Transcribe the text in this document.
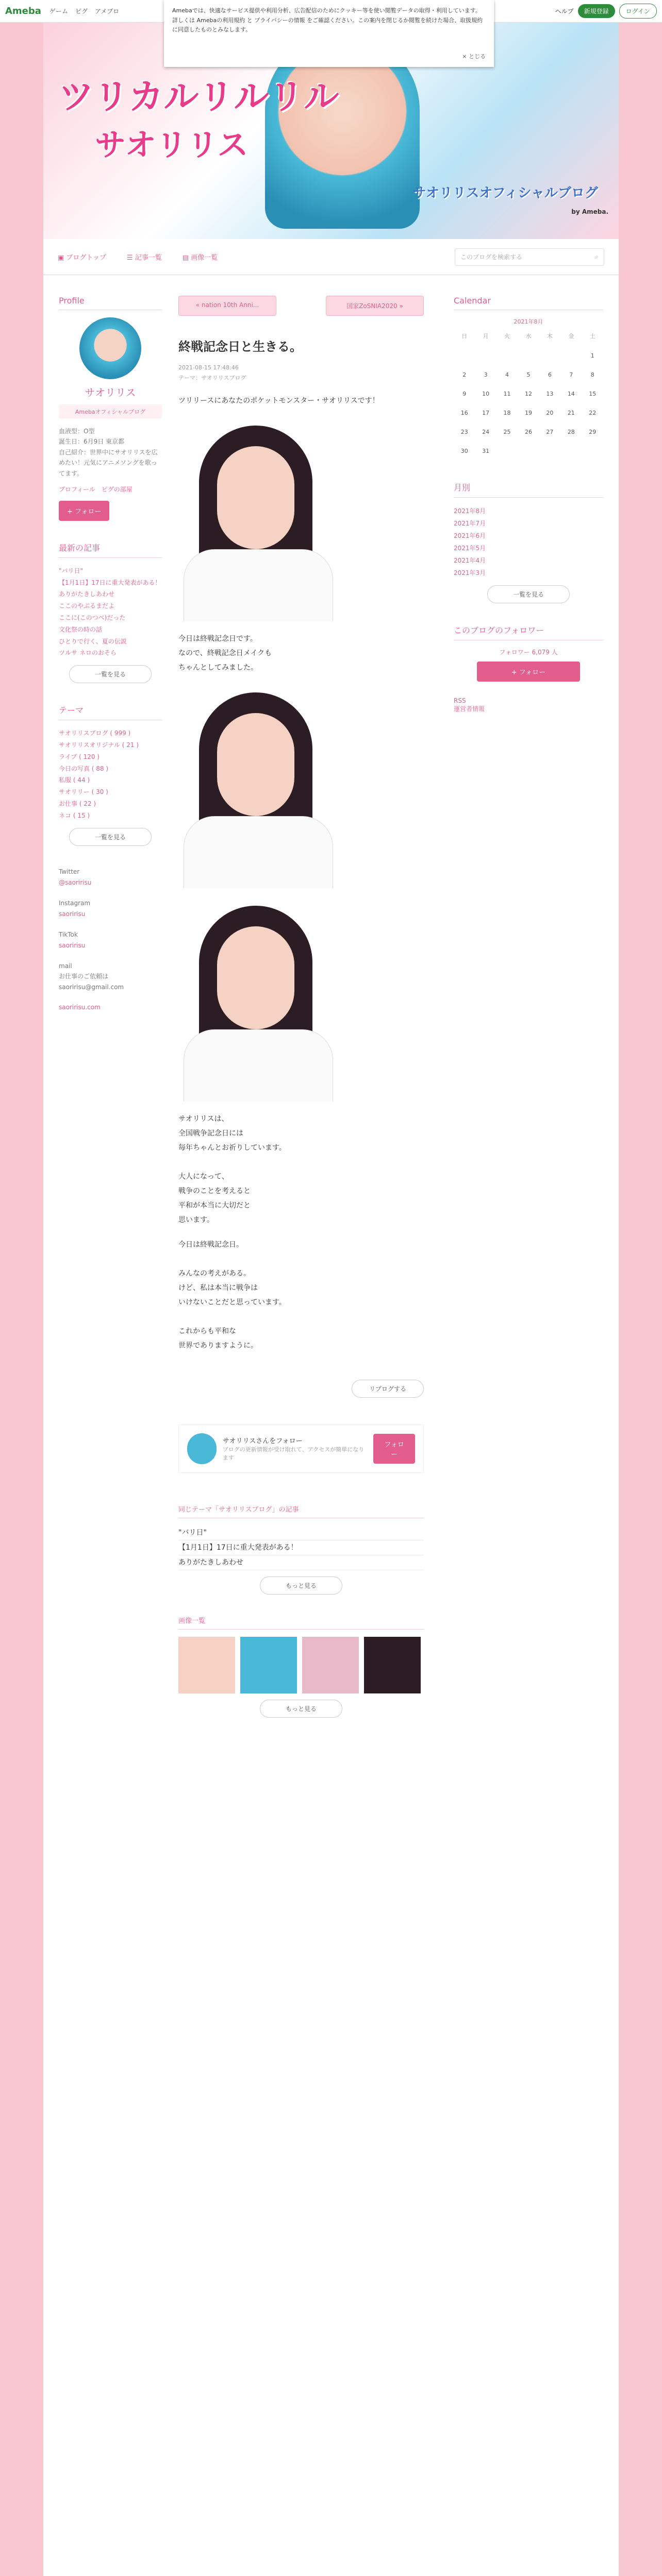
Ameba ゲーム ピグ アメブロ	ヘルプ	新規登録	ログイン

Amebaでは、快適なサービス提供や利用分析、広告配信のためにクッキー等を使い閲覧データの取得・利用しています。詳しくは Amebaの利用規約 と プライバシーの情報 をご確認ください。この案内を閉じるか閲覧を続けた場合、取扱規約に同意したものとみなします。

× とじる
ツリカルリルリル
サオリリス
サオリリスオフィシャルブログ
by Ameba.
▣ ブログトップ	☰ 記事一覧	▤ 画像一覧	このブログを検索する	⌕
Profile
サオリリス
Amebaオフィシャルブログ

血液型：O型
誕生日：6月9日 東京都
自己紹介：世界中にサオリリスを広めたい！元気にアニメソングを歌ってます。

プロフィール　ピグの部屋

+ フォロー
最新の記事

"バリ日"

【1月1日】17日に重大発表がある！

ありがたきしあわせ

ここのやぶるまだよ

ここに(このつべ)だった

文化祭の時の話

ひとりで行く、夏の伝説

ツルサ ネロのおそら

一覧を見る
テーマ

サオリリスブログ ( 999 )

サオリリスオリジナル ( 21 )

ライブ ( 120 )

今日の写真 ( 88 )

私服 ( 44 )

サオリリー ( 30 )

お仕事 ( 22 )

ネコ ( 15 )

一覧を見る

Twitter

@saoririsu

Instagram

saoririsu

TikTok

saoririsu

mail

お仕事のご依頼は
saoririsu@gmail.com

saoririsu.com

« nation 10th Anni...	国家ZoSNIA2020 »
終戦記念日と生きる。

2021-08-15 17:48:46

テーマ：サオリリスブログ

ツリリースにあなたのポケットモンスター・サオリリスです！

今日は終戦記念日です。
なので、終戦記念日メイクも
ちゃんとしてみました。

サオリリスは、
全国戦争記念日には
毎年ちゃんとお祈りしています。

大人になって、
戦争のことを考えると
平和が本当に大切だと
思います。

今日は終戦記念日。

みんなの考えがある。
けど、私は本当に戦争は
いけないことだと思っています。

これからも平和な
世界でありますように。

リブログする

サオリリスさんをフォロー

ブログの更新情報が受け取れて、アクセスが簡単になります

フォロー
同じテーマ「サオリリスブログ」の記事

"バリ日"

【1月1日】17日に重大発表がある！

ありがたきしあわせ

もっと見る
画像一覧
もっと見る
Calendar

2021年8月

日	月	火	水	木	金	土
						1
2	3	4	5	6	7	8
9	10	11	12	13	14	15
16	17	18	19	20	21	22
23	24	25	26	27	28	29
30	31					
月別

2021年8月

2021年7月

2021年6月

2021年5月

2021年4月

2021年3月

一覧を見る
このブログのフォロワー

フォロワー 6,079 人

+ フォロー

RSS

運営者情報
